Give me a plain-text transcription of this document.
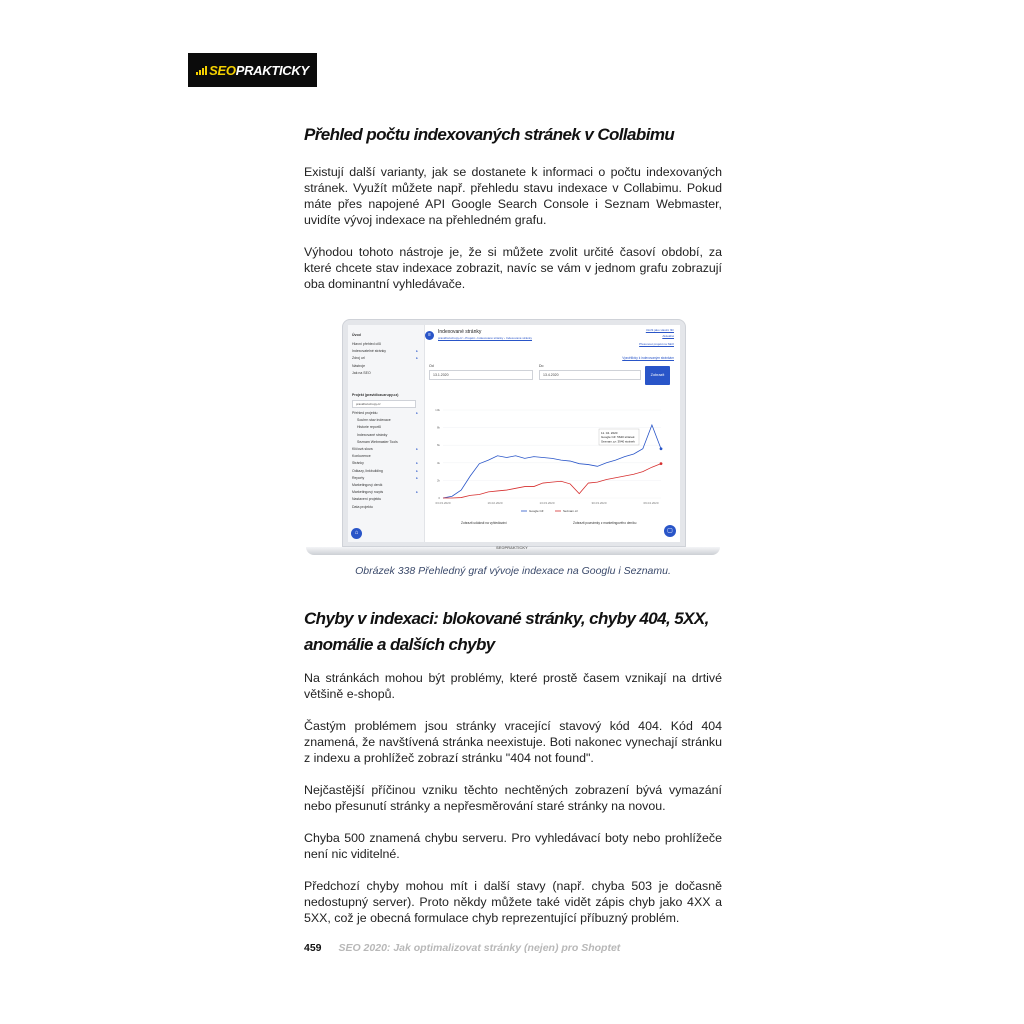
SEOPRAKTICKY
Přehled počtu indexovaných stránek v Collabimu

Existují další varianty, jak se dostanete k informaci o počtu indexovaných stránek. Využít můžete např. přehledu stavu indexace v Collabimu. Pokud máte přes napojené API Google Search Console i Seznam Webmaster, uvidíte vývoj indexace na přehledném grafu.

Výhodou tohoto nástroje je, že si můžete zvolit určité časoví období, za které chcete stav indexace zobrazit, navíc se vám v jednom grafu zobrazují oba dominantní vyhledávače.

Úvod
Hlavní přehled cílů
Indexovatelné stránky	▸
Zdroj url	▸
Nástroje
Jak na SEO
Projekt (pravidlozuzrupy.cz)
pravidlozuzrupy.cz
Přehled projektu	▸
Souhrn stav indexace
Historie reportů
Indexované stránky
Seznam Webmaster Tools
Klíčová slova	▸
Konkurence
Stránky	▸
Odkazy, linkbuilding	▸
Reporty	▸
Marketingový deník
Marketingový rozpis	▸
Nastavení projektu
Data projektu
⌂
≡	Indexované stránky
pravidlozuzrupy.cz › Projekt › Indexované stránky › Indexované stránky
Uložit jako vlastní filtr
Aktuálně
Přesunout projekt na SEO
Vysvětlivky k indexovaným stránkám
Od	Do
13.1.2020	13.4.2020	Zobrazit
0
2k
4k
6k
8k
10k
03.03.2020	16.02.2020	13.03.2020	30.03.2020	09.04.2020
Google CZ	Seznam.cz
11. 04. 2020
Google CZ: 5640 stránek
Seznam.cz: 3940 stránek
Zobrazit události na vyhledávání	Zobrazit poznámky z marketingového deníku
▢
SEOPRAKTICKY
Obrázek 338 Přehledný graf vývoje indexace na Googlu i Seznamu.
Chyby v indexaci: blokované stránky, chyby 404, 5XX, anomálie a dalších chyby

Na stránkách mohou být problémy, které prostě časem vznikají na drtivé většině e-shopů.

Častým problémem jsou stránky vracející stavový kód 404. Kód 404 znamená, že navštívená stránka neexistuje. Boti nakonec vynechají stránku z indexu a prohlížeč zobrazí stránku "404 not found".

Nejčastější příčinou vzniku těchto nechtěných zobrazení bývá vymazání nebo přesunutí stránky a nepřesměrování staré stránky na novou.

Chyba 500 znamená chybu serveru. Pro vyhledávací boty nebo prohlížeče není nic viditelné.

Předchozí chyby mohou mít i další stavy (např. chyba 503 je dočasně nedostupný server). Proto někdy můžete také vidět zápis chyb jako 4XX a 5XX, což je obecná formulace chyb reprezentující příbuzný problém.

459 SEO 2020: Jak optimalizovat stránky (nejen) pro Shoptet
